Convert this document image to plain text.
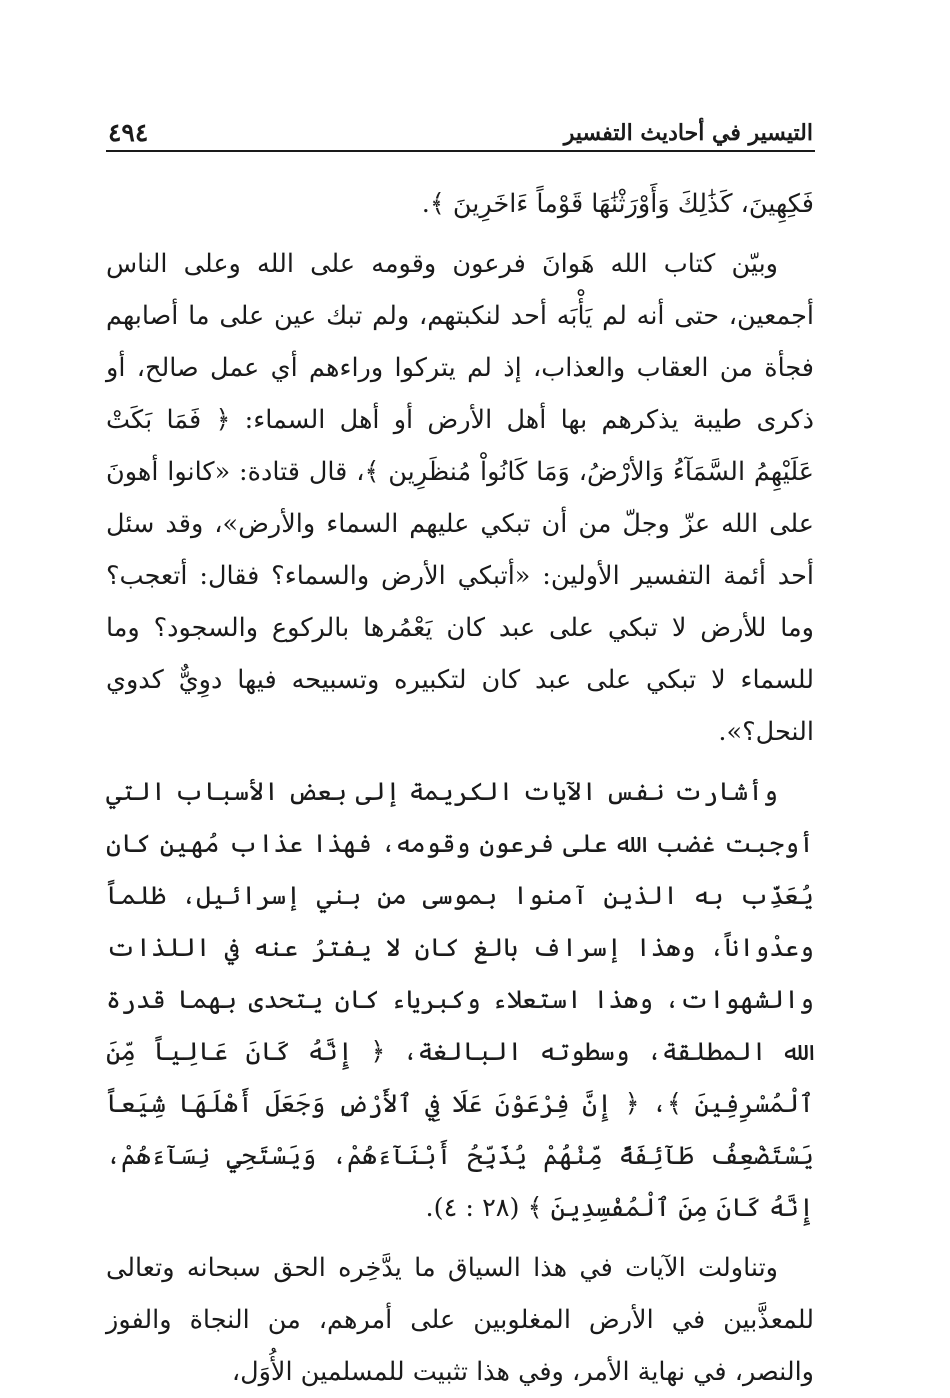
التيسير في أحاديث التفسير
٤٩٤

فَكِهِينَ، كَذَٰلِكَ وَأَوْرَثْنَٰهَا قَوْماً ءَاخَرِينَ ﴾.

وبيّن كتاب الله هَوانَ فرعون وقومه على الله وعلى الناس أجمعين، حتى أنه لم يَأْبَه أحد لنكبتهم، ولم تبك عين على ما أصابهم فجأة من العقاب والعذاب، إذ لم يتركوا وراءهم أي عمل صالح، أو ذكرى طيبة يذكرهم بها أهل الأرض أو أهل السماء: ﴿ فَمَا بَكَتْ عَلَيْهِمُ السَّمَآءُ وَالأرْضُ، وَمَا كَانُواْ مُنظَرِين ﴾، قال قتادة: «كانوا أهونَ على الله عزّ وجلّ من أن تبكي عليهم السماء والأرض»، وقد سئل أحد أئمة التفسير الأولين: «أتبكي الأرض والسماء؟ فقال: أتعجب؟ وما للأرض لا تبكي على عبد كان يَعْمُرها بالركوع والسجود؟ وما للسماء لا تبكي على عبد كان لتكبيره وتسبيحه فيها دوِيٌّ كدوي النحل؟».

وأشارت نفس الآيات الكريمة إلى بعض الأسباب التي أوجبت غضب الله على فرعون وقومه، فهذا عذاب مُهين كان يُعَذِّب به الذين آمنوا بموسى من بني إسرائيل، ظلماً وعدْواناً، وهذا إسراف بالغ كان لا يفترُ عنه في اللذات والشهوات، وهذا استعلاء وكبرياء كان يتحدى بهما قدرة الله المطلقة، وسطوته البالغة، ﴿ إِنَّهُ كَانَ عَالِياً مِّنَ ٱلْمُسْرِفِينَ ﴾، ﴿ إِنَّ فِرْعَوْنَ عَلَا فِي ٱلأَرْضِ وَجَعَلَ أَهْلَهَا شِيَعاً يَسْتَضْعِفُ طَآئِفَةً مِّنْهُمْ يُذَبِّحُ أَبْنَآءَهُمْ، وَيَسْتَحِيِ نِسَآءَهُمْ، إِنَّهُ كَانَ مِنَ ٱلْمُفْسِدِينَ ﴾ (٢٨ : ٤).

وتناولت الآيات في هذا السياق ما يدَّخِره الحق سبحانه وتعالى للمعذَّبين في الأرض المغلوبين على أمرهم، من النجاة والفوز والنصر، في نهاية الأمر، وفي هذا تثبيت للمسلمين الأُوَل،
